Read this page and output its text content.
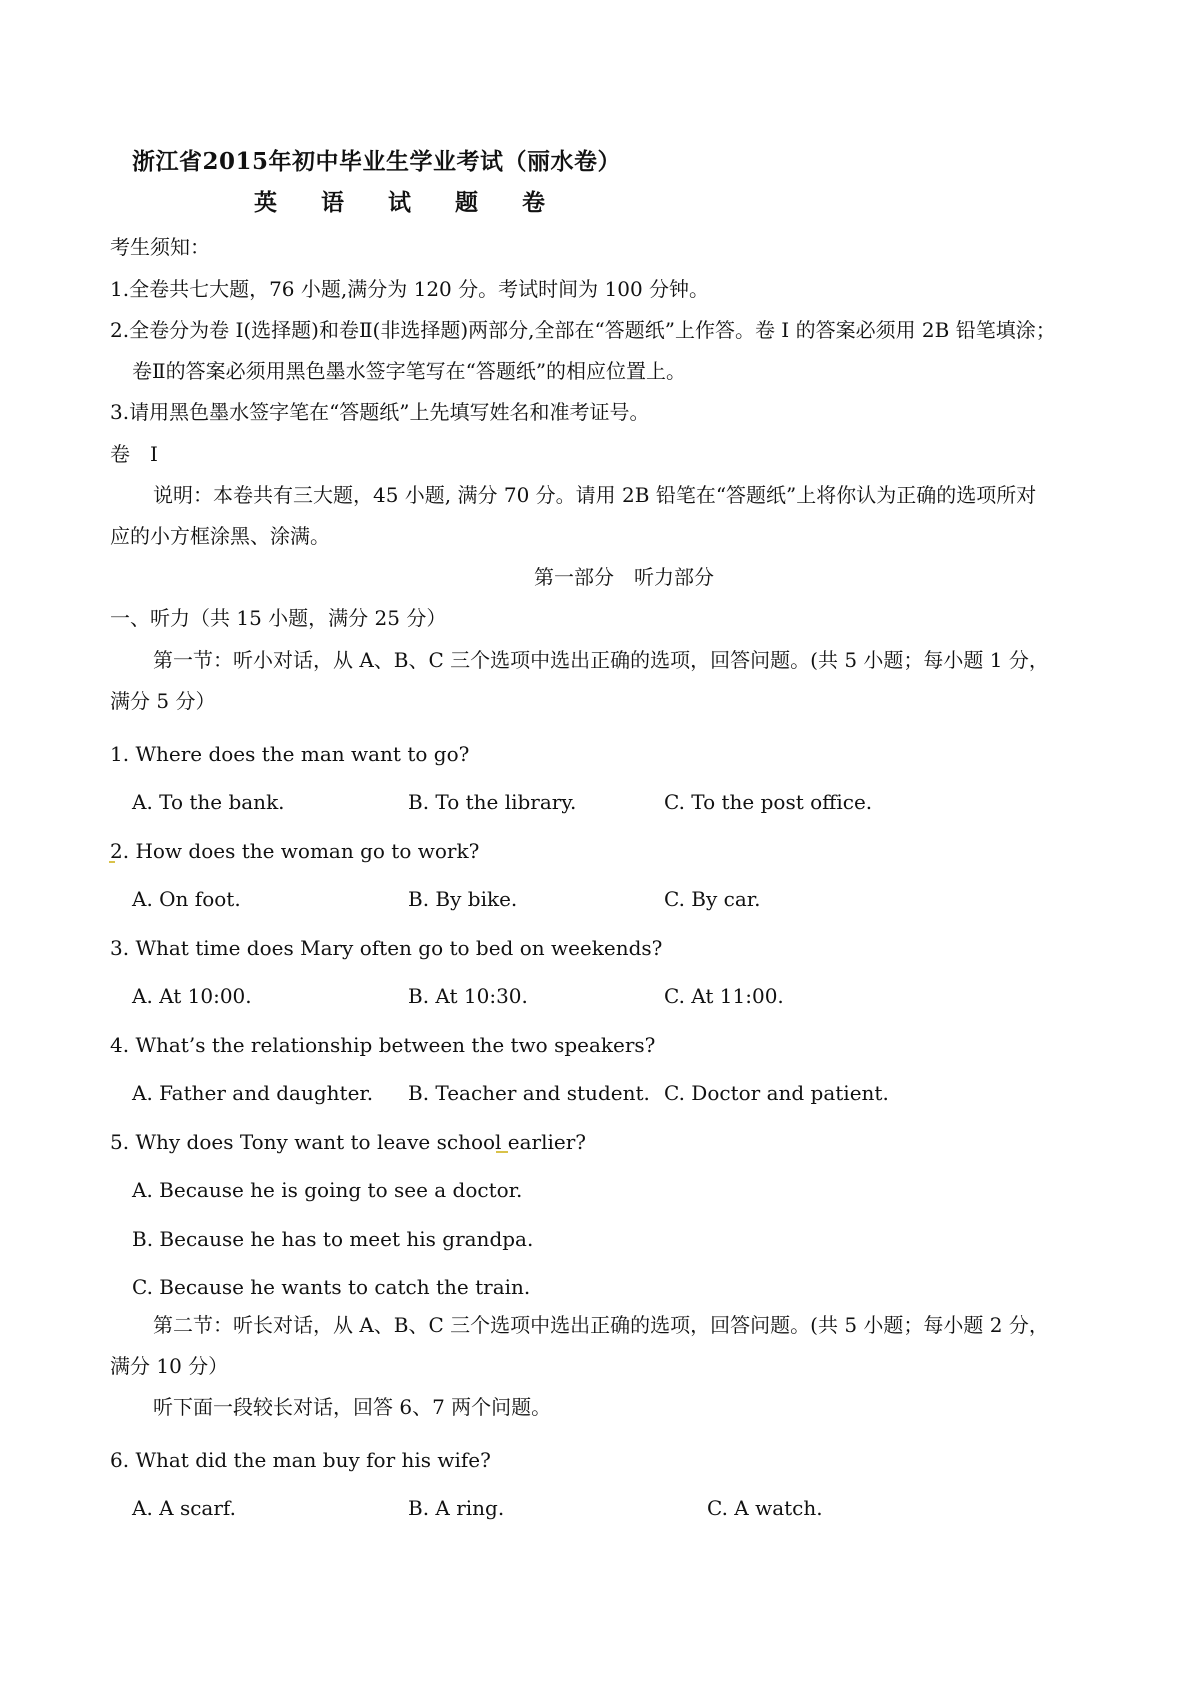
浙江省2015年初中毕业生学业考试（丽水卷）
英 语 试 题 卷
考生须知：
1.全卷共七大题，76 小题,满分为 120 分。考试时间为 100 分钟。
2.全卷分为卷 I(选择题)和卷Ⅱ(非选择题)两部分,全部在“答题纸”上作答。卷 I 的答案必须用 2B 铅笔填涂；
卷Ⅱ的答案必须用黑色墨水签字笔写在“答题纸”的相应位置上。
3.请用黑色墨水签字笔在“答题纸”上先填写姓名和准考证号。
卷　Ⅰ
说明：本卷共有三大题，45 小题, 满分 70 分。请用 2B 铅笔在“答题纸”上将你认为正确的选项所对
应的小方框涂黑、涂满。
第一部分　听力部分
一、听力（共 15 小题，满分 25 分）
第一节：听小对话，从 A、B、C 三个选项中选出正确的选项，回答问题。(共 5 小题；每小题 1 分，
满分 5 分）
1. Where does the man want to go?
A. To the bank.	B. To the library.	C. To the post office.
2. How does the woman go to work?
A. On foot.	B. By bike.	C. By car.
3. What time does Mary often go to bed on weekends?
A. At 10:00.	B. At 10:30.	C. At 11:00.
4. What’s the relationship between the two speakers?
A. Father and daughter. B. Teacher and student. C. Doctor and patient.
5. Why does Tony want to leave school earlier?
A. Because he is going to see a doctor.
B. Because he has to meet his grandpa.
C. Because he wants to catch the train.
第二节：听长对话，从 A、B、C 三个选项中选出正确的选项，回答问题。(共 5 小题；每小题 2 分，
满分 10 分）
听下面一段较长对话，回答 6、7 两个问题。
6. What did the man buy for his wife?
A. A scarf.	B. A ring.	C. A watch.
